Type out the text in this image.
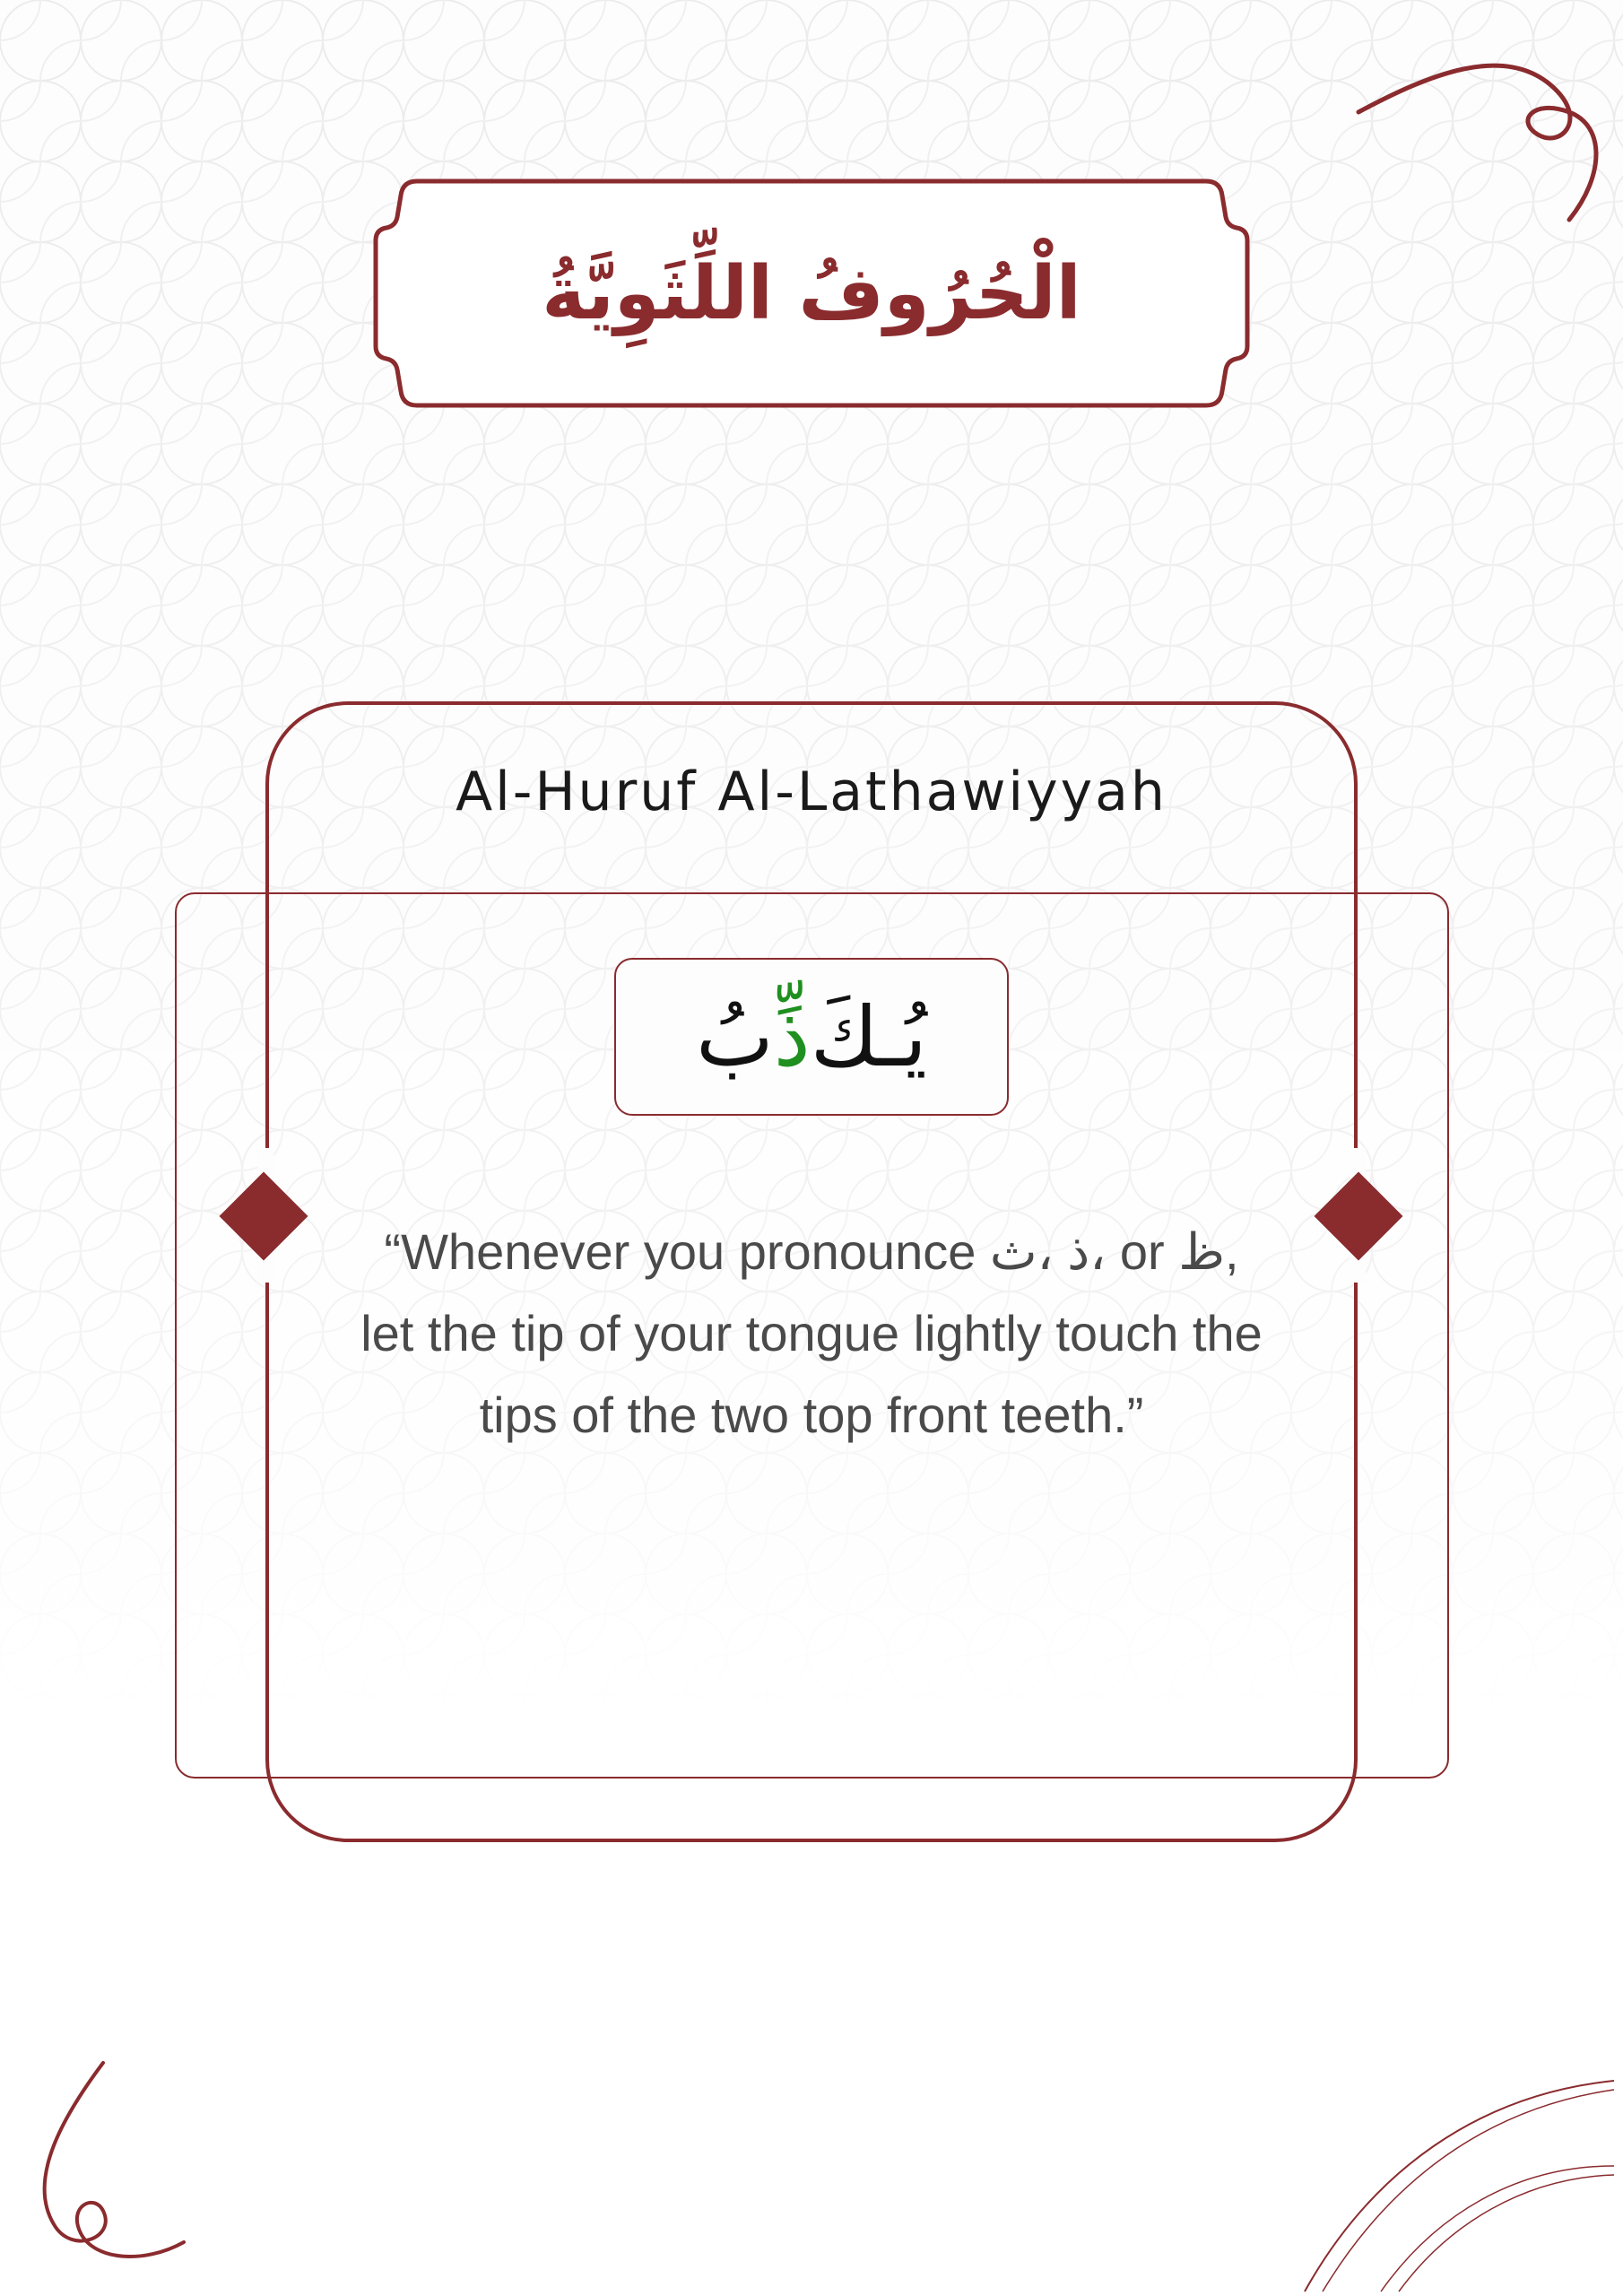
الْحُرُوفُ اللِّثَوِيَّةُ
Al-Huruf Al-Lathawiyyah
يُـكَ
ذِّ
بُ
“Whenever you pronounce ذ ،ث، or ظ, let the tip of your tongue lightly touch the tips of the two top front teeth.”
